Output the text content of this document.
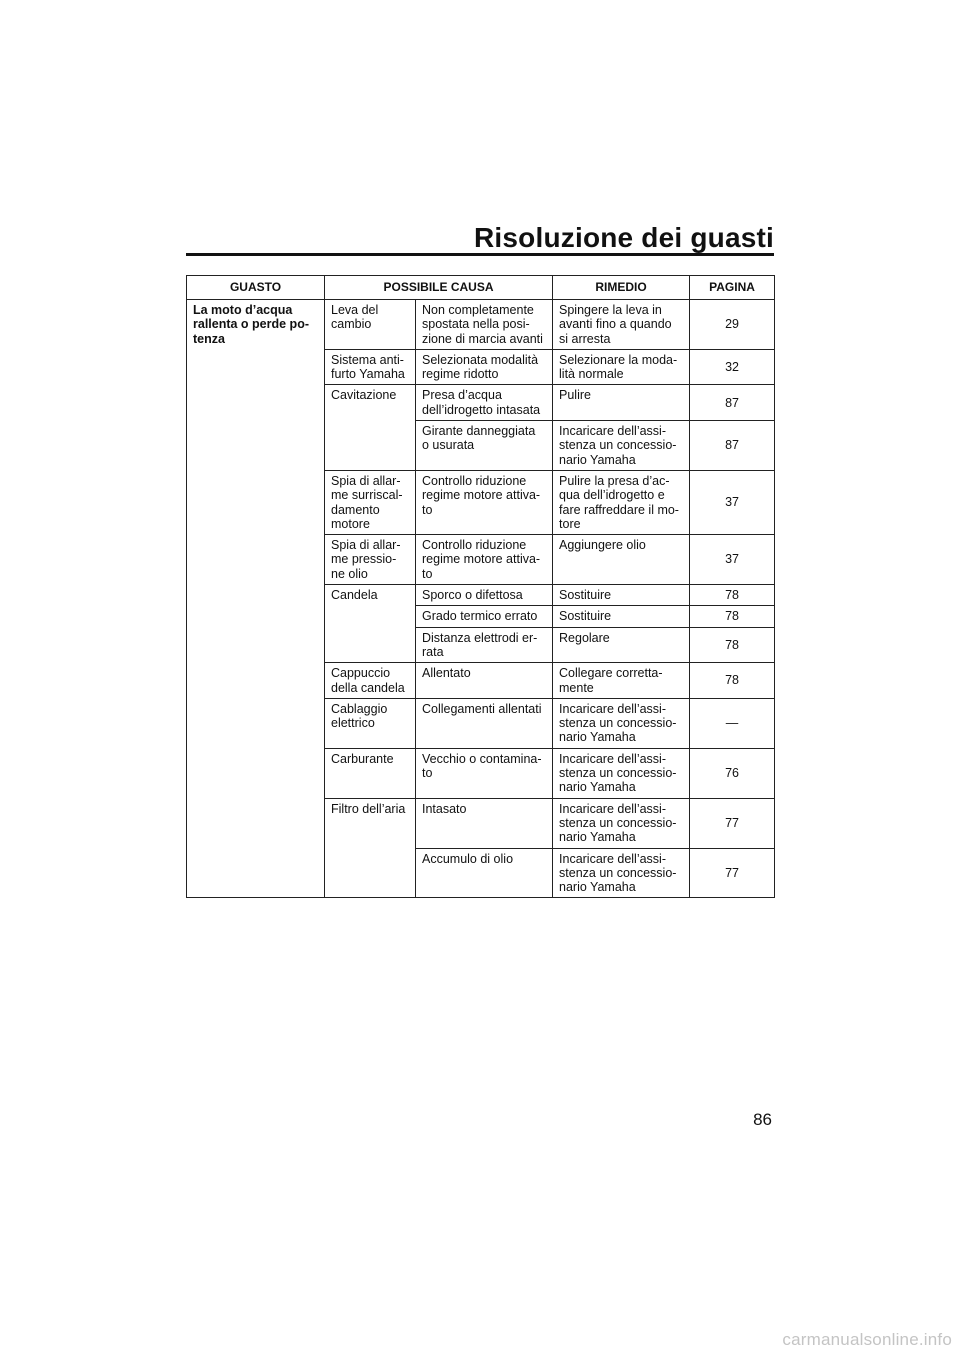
Risoluzione dei guasti
GUASTO	POSSIBILE CAUSA		RIMEDIO	PAGINA
La moto d’acqua
rallenta o perde po-
tenza	Leva del
cambio	Non completamente
spostata nella posi-
zione di marcia avanti	Spingere la leva in
avanti fino a quando
si arresta	29
	Sistema anti-
furto Yamaha	Selezionata modalità
regime ridotto	Selezionare la moda-
lità normale	32
	Cavitazione	Presa d’acqua
dell’idrogetto intasata	Pulire	87
		Girante danneggiata
o usurata	Incaricare dell’assi-
stenza un concessio-
nario Yamaha	87
	Spia di allar-
me surriscal-
damento
motore	Controllo riduzione
regime motore attiva-
to	Pulire la presa d’ac-
qua dell’idrogetto e
fare raffreddare il mo-
tore	37
	Spia di allar-
me pressio-
ne olio	Controllo riduzione
regime motore attiva-
to	Aggiungere olio	37
	Candela	Sporco o difettosa	Sostituire	78
		Grado termico errato	Sostituire	78
		Distanza elettrodi er-
rata	Regolare	78
	Cappuccio
della candela	Allentato	Collegare corretta-
mente	78
	Cablaggio
elettrico	Collegamenti allentati	Incaricare dell’assi-
stenza un concessio-
nario Yamaha	—
	Carburante	Vecchio o contamina-
to	Incaricare dell’assi-
stenza un concessio-
nario Yamaha	76
	Filtro dell’aria	Intasato	Incaricare dell’assi-
stenza un concessio-
nario Yamaha	77
		Accumulo di olio	Incaricare dell’assi-
stenza un concessio-
nario Yamaha	77
86
carmanualsonline.info
